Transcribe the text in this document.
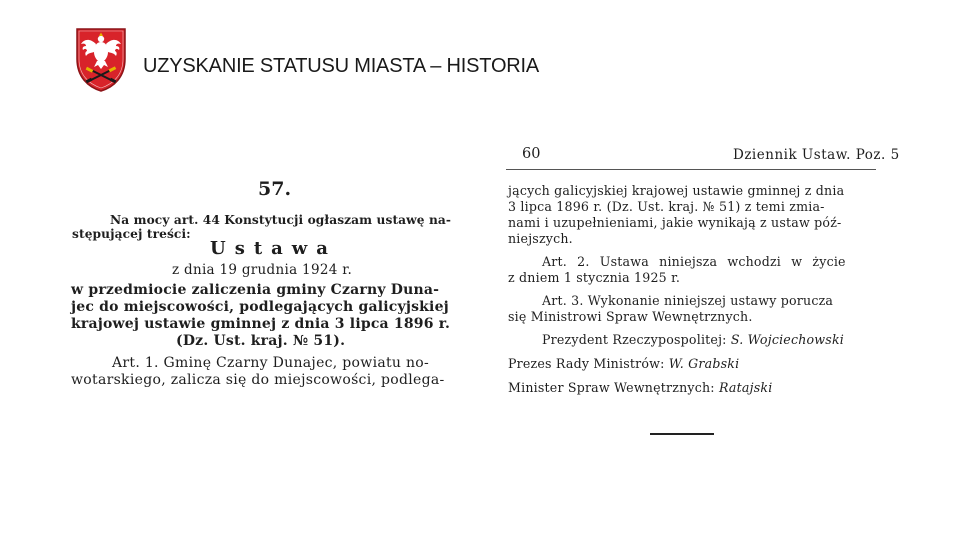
UZYSKANIE STATUSU MIASTA – HISTORIA
57.
Na mocy art. 44 Konstytucji ogłaszam ustawę na-
stępującej treści:
Ustawa
z dnia 19 grudnia 1924 r.
w przedmiocie zaliczenia gminy Czarny Duna-
jec do miejscowości, podlegających galicyjskiej
krajowej ustawie gminnej z dnia 3 lipca 1896 r.
(Dz. Ust. kraj. № 51).
Art. 1. Gminę Czarny Dunajec, powiatu no-
wotarskiego, zalicza się do miejscowości, podlega-
60	Dziennik Ustaw. Poz. 5
jących galicyjskiej krajowej ustawie gminnej z dnia
3 lipca 1896 r. (Dz. Ust. kraj. № 51) z temi zmia-
nami i uzupełnieniami, jakie wynikają z ustaw póź-
niejszych.
Art. 2. Ustawa niniejsza wchodzi w życie
z dniem 1 stycznia 1925 r.
Art. 3. Wykonanie niniejszej ustawy porucza
się Ministrowi Spraw Wewnętrznych.
Prezydent Rzeczypospolitej: S. Wojciechowski
Prezes Rady Ministrów: W. Grabski
Minister Spraw Wewnętrznych: Ratajski
